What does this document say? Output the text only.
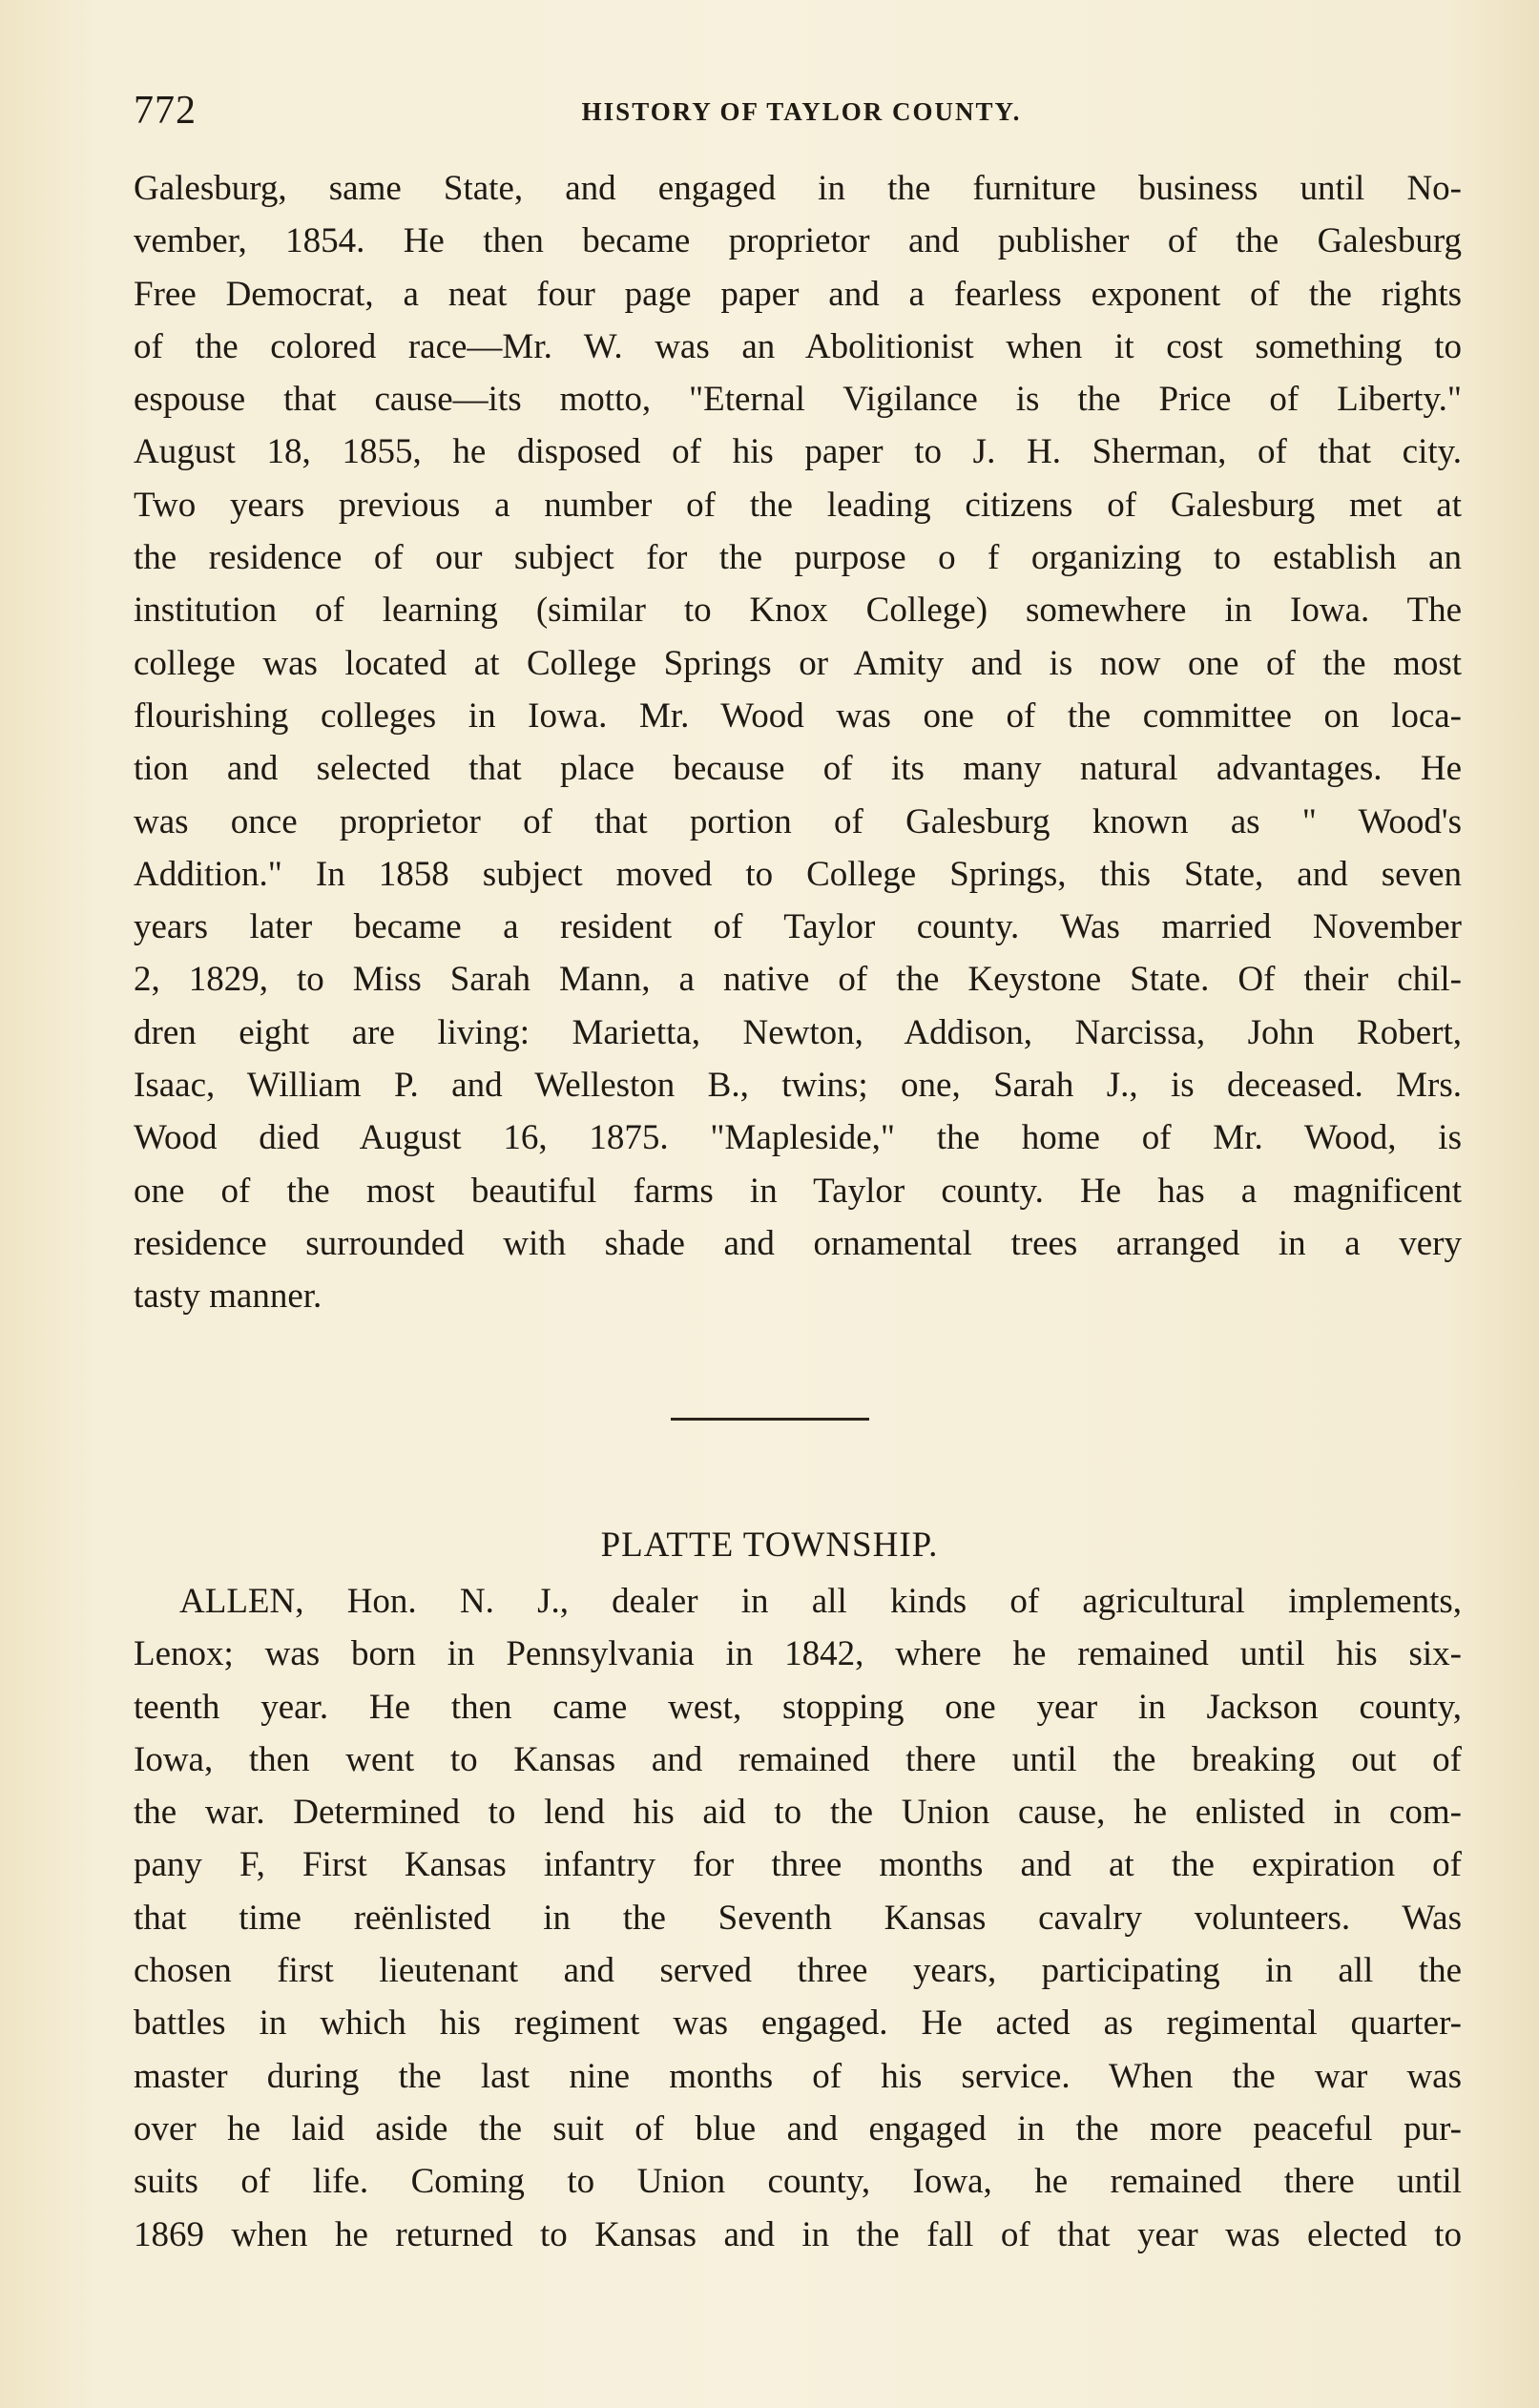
772	HISTORY OF TAYLOR COUNTY.
Galesburg, same State, and engaged in the furniture business until No-
vember, 1854. He then became proprietor and publisher of the Galesburg
Free Democrat, a neat four page paper and a fearless exponent of the rights
of the colored race—Mr. W. was an Abolitionist when it cost something to
espouse that cause—its motto, "Eternal Vigilance is the Price of Liberty."
August 18, 1855, he disposed of his paper to J. H. Sherman, of that city.
Two years previous a number of the leading citizens of Galesburg met at
the residence of our subject for the purpose o f organizing to establish an
institution of learning (similar to Knox College) somewhere in Iowa. The
college was located at College Springs or Amity and is now one of the most
flourishing colleges in Iowa. Mr. Wood was one of the committee on loca-
tion and selected that place because of its many natural advantages. He
was once proprietor of that portion of Galesburg known as " Wood's
Addition." In 1858 subject moved to College Springs, this State, and seven
years later became a resident of Taylor county. Was married November
2, 1829, to Miss Sarah Mann, a native of the Keystone State. Of their chil-
dren eight are living: Marietta, Newton, Addison, Narcissa, John Robert,
Isaac, William P. and Welleston B., twins; one, Sarah J., is deceased. Mrs.
Wood died August 16, 1875. "Mapleside," the home of Mr. Wood, is
one of the most beautiful farms in Taylor county. He has a magnificent
residence surrounded with shade and ornamental trees arranged in a very
tasty manner.
PLATTE TOWNSHIP.
ALLEN, Hon. N. J., dealer in all kinds of agricultural implements,
Lenox; was born in Pennsylvania in 1842, where he remained until his six-
teenth year. He then came west, stopping one year in Jackson county,
Iowa, then went to Kansas and remained there until the breaking out of
the war. Determined to lend his aid to the Union cause, he enlisted in com-
pany F, First Kansas infantry for three months and at the expiration of
that time reënlisted in the Seventh Kansas cavalry volunteers. Was
chosen first lieutenant and served three years, participating in all the
battles in which his regiment was engaged. He acted as regimental quarter-
master during the last nine months of his service. When the war was
over he laid aside the suit of blue and engaged in the more peaceful pur-
suits of life. Coming to Union county, Iowa, he remained there until
1869 when he returned to Kansas and in the fall of that year was elected to
